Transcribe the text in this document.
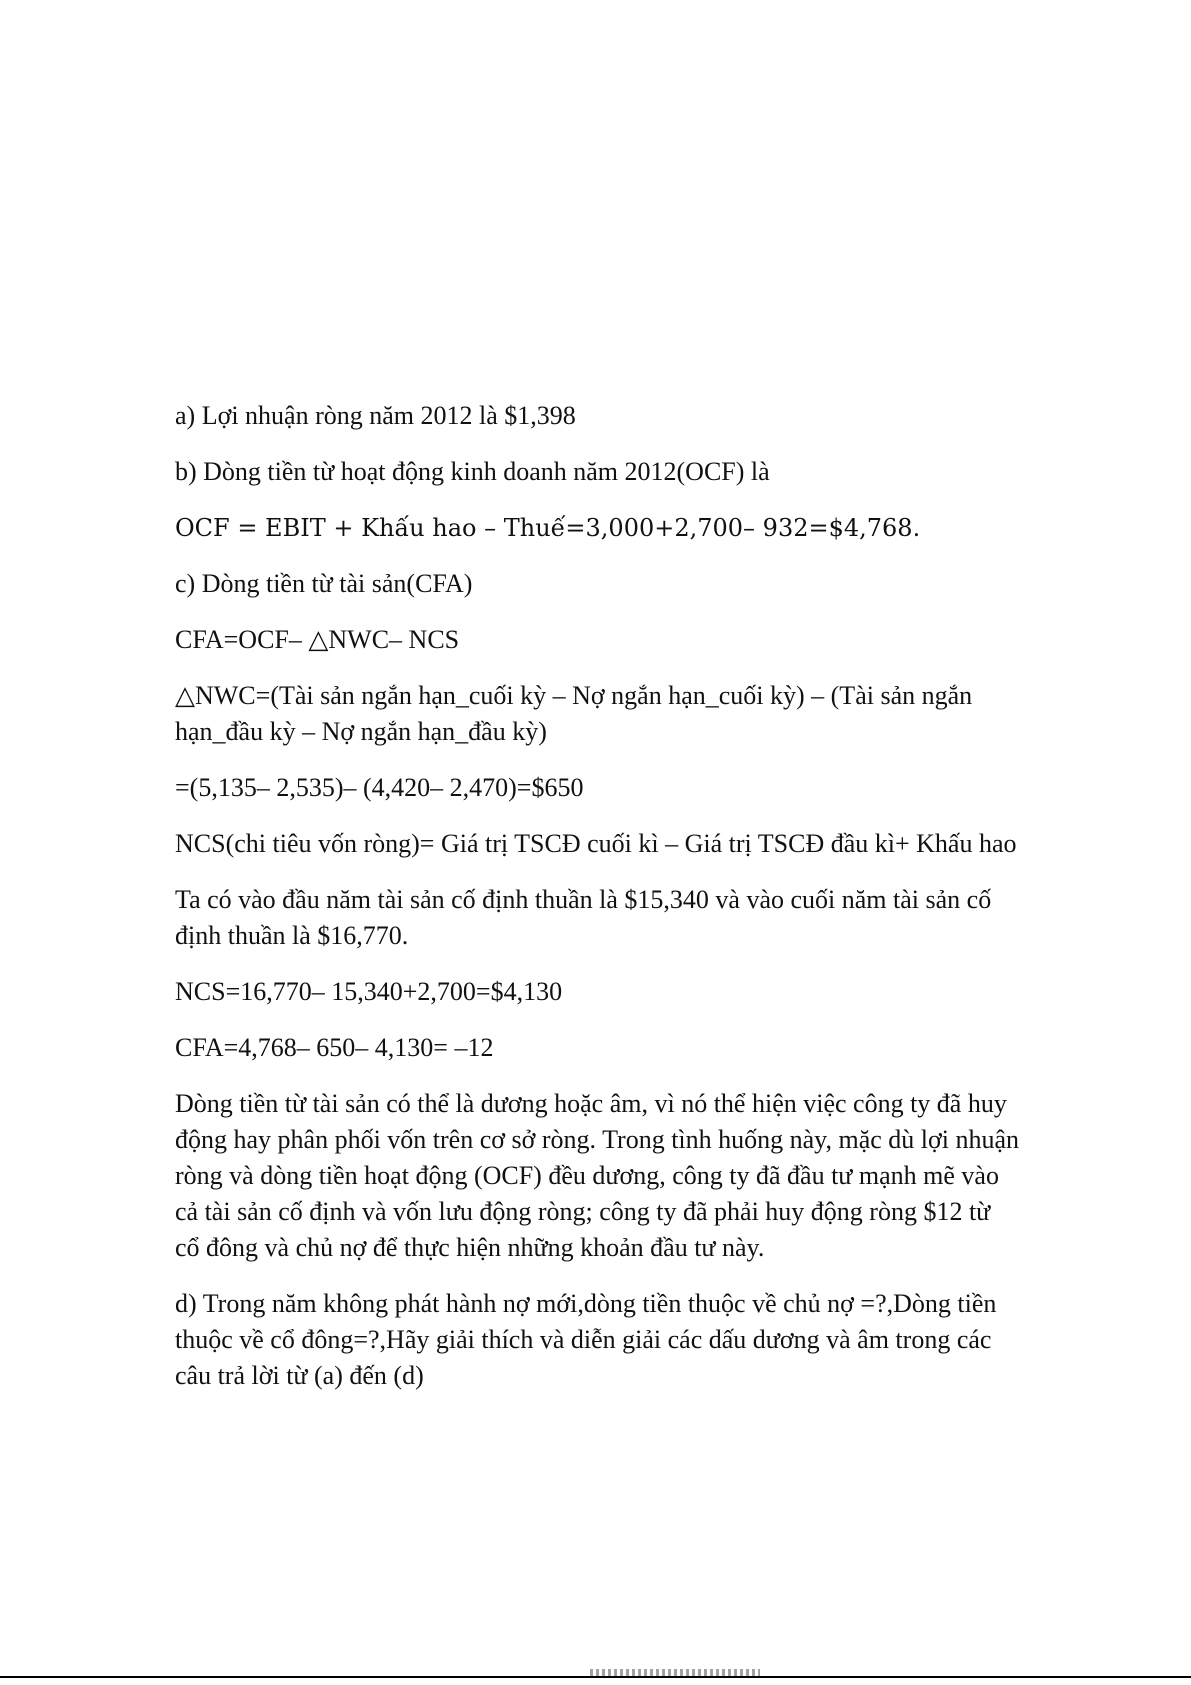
a) Lợi nhuận ròng năm 2012 là $1,398

b) Dòng tiền từ hoạt động kinh doanh năm 2012(OCF) là

OCF = EBIT + Khấu hao – Thuế=3,000+2,700– 932=$4,768.

c) Dòng tiền từ tài sản(CFA)

CFA=OCF– △NWC– NCS

△NWC=(Tài sản ngắn hạn_cuối kỳ – Nợ ngắn hạn_cuối kỳ) – (Tài sản ngắn hạn_đầu kỳ – Nợ ngắn hạn_đầu kỳ)

=(5,135– 2,535)– (4,420– 2,470)=$650

NCS(chi tiêu vốn ròng)= Giá trị TSCĐ cuối kì – Giá trị TSCĐ đầu kì+ Khấu hao

Ta có vào đầu năm tài sản cố định thuần là $15,340 và vào cuối năm tài sản cố định thuần là $16,770.

NCS=16,770– 15,340+2,700=$4,130

CFA=4,768– 650– 4,130= –12

Dòng tiền từ tài sản có thể là dương hoặc âm, vì nó thể hiện việc công ty đã huy động hay phân phối vốn trên cơ sở ròng. Trong tình huống này, mặc dù lợi nhuận ròng và dòng tiền hoạt động (OCF) đều dương, công ty đã đầu tư mạnh mẽ vào cả tài sản cố định và vốn lưu động ròng; công ty đã phải huy động ròng $12 từ cổ đông và chủ nợ để thực hiện những khoản đầu tư này.

d) Trong năm không phát hành nợ mới,dòng tiền thuộc về chủ nợ =?,Dòng tiền thuộc về cổ đông=?,Hãy giải thích và diễn giải các dấu dương và âm trong các câu trả lời từ (a) đến (d)
